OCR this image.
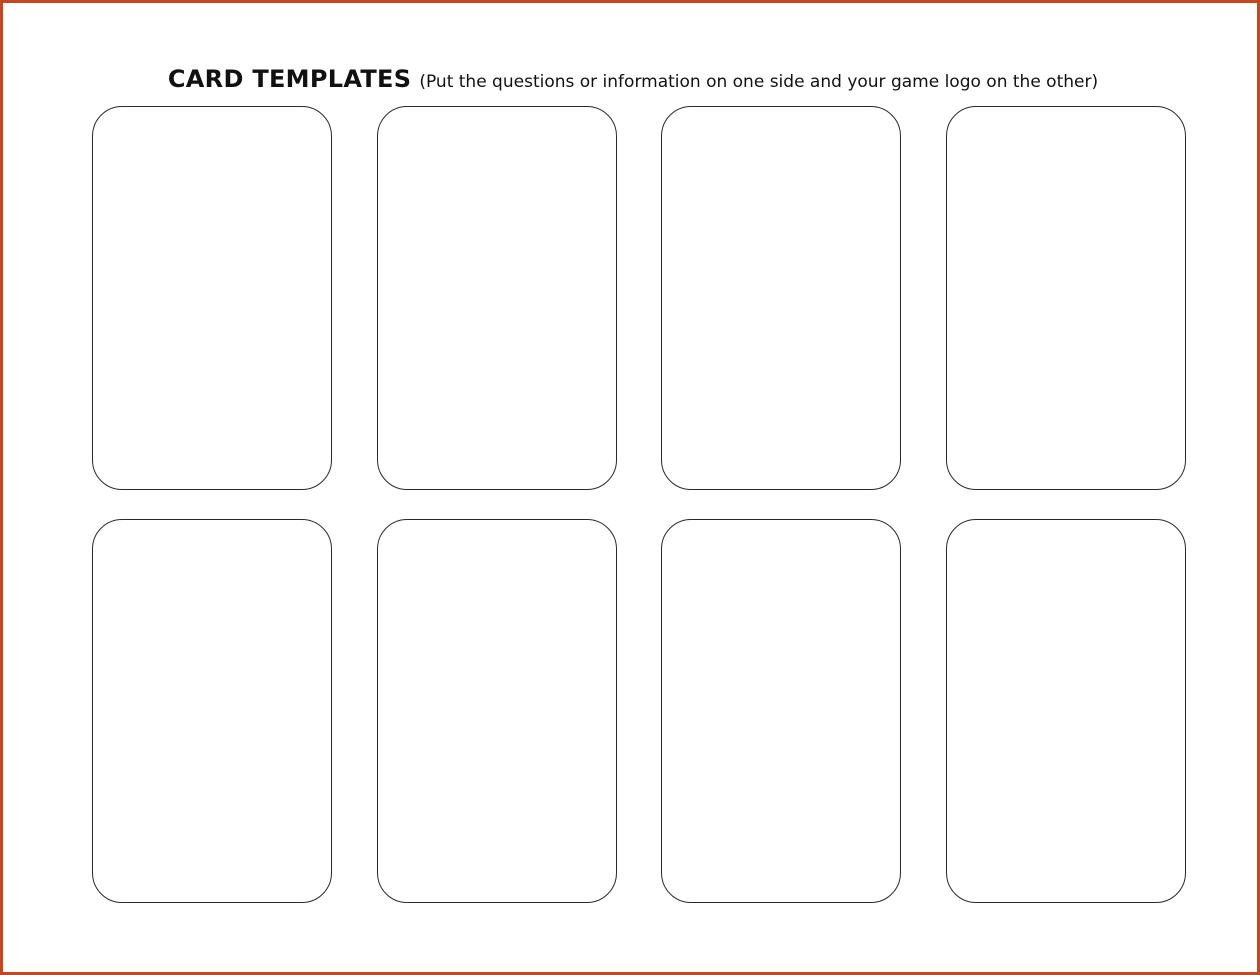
CARD TEMPLATES (Put the questions or information on one side and your game logo on the other)
